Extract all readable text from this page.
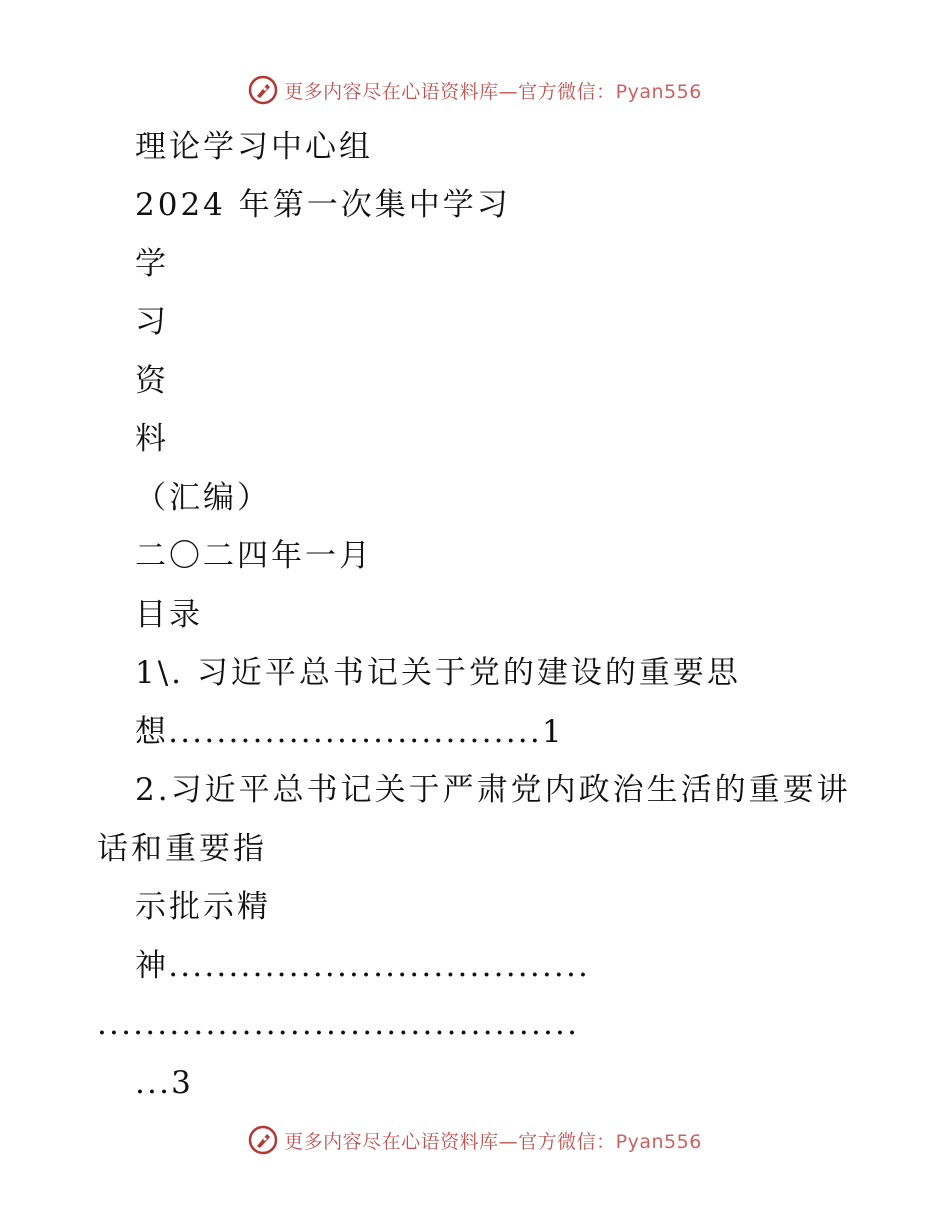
更多内容尽在心语资料库—官方微信：Pyan556
理论学习中心组
2024 年第一次集中学习
学
习
资
料
（汇编）
二〇二四年一月
目录
1\. 习近平总书记关于党的建设的重要思
想...............................1
2.习近平总书记关于严肃党内政治生活的重要讲
话和重要指
示批示精
神...................................
........................................
...3
更多内容尽在心语资料库—官方微信：Pyan556
